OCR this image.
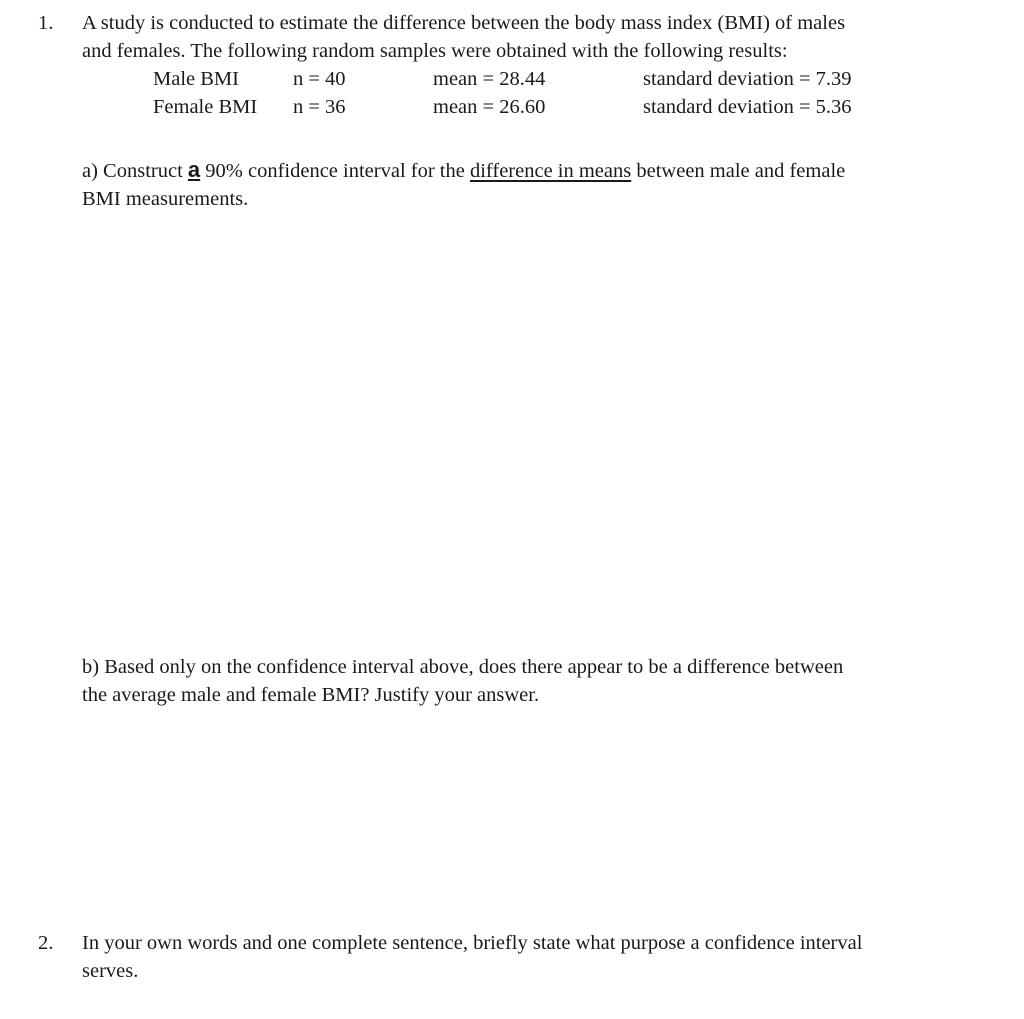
1. A study is conducted to estimate the difference between the body mass index (BMI) of males
and females. The following random samples were obtained with the following results:
Male BMI	n = 40	mean = 28.44	standard deviation = 7.39
Female BMI n = 36	mean = 26.60	standard deviation = 5.36
a) Construct a 90% confidence interval for the difference in means between male and female
BMI measurements.
b) Based only on the confidence interval above, does there appear to be a difference between
the average male and female BMI? Justify your answer.
2. In your own words and one complete sentence, briefly state what purpose a confidence interval
serves.
